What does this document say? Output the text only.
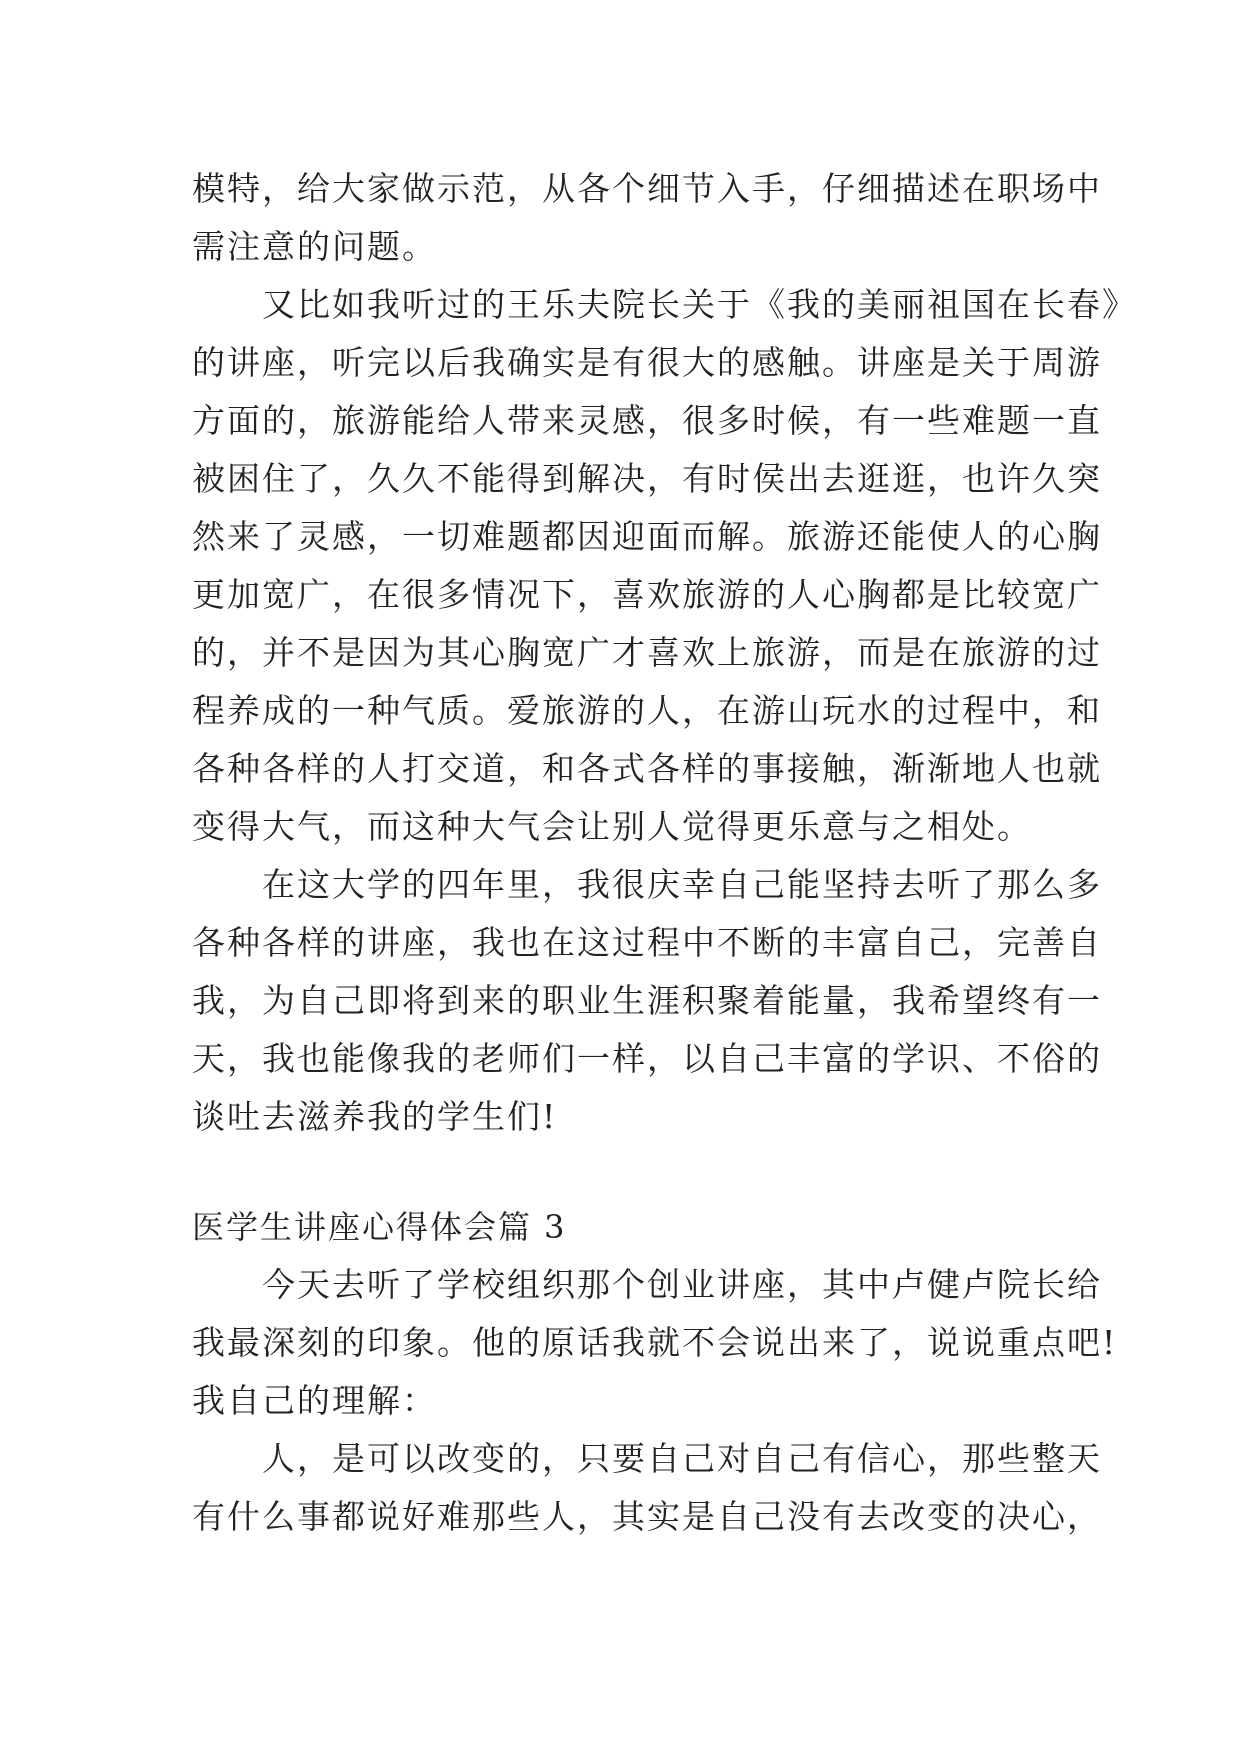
模特，给大家做示范，从各个细节入手，仔细描述在职场中
需注意的问题。
　　又比如我听过的王乐夫院长关于《我的美丽祖国在长春》
的讲座，听完以后我确实是有很大的感触。讲座是关于周游
方面的，旅游能给人带来灵感，很多时候，有一些难题一直
被困住了，久久不能得到解决，有时侯出去逛逛，也许久突
然来了灵感，一切难题都因迎面而解。旅游还能使人的心胸
更加宽广，在很多情况下，喜欢旅游的人心胸都是比较宽广
的，并不是因为其心胸宽广才喜欢上旅游，而是在旅游的过
程养成的一种气质。爱旅游的人，在游山玩水的过程中，和
各种各样的人打交道，和各式各样的事接触，渐渐地人也就
变得大气，而这种大气会让别人觉得更乐意与之相处。
　　在这大学的四年里，我很庆幸自己能坚持去听了那么多
各种各样的讲座，我也在这过程中不断的丰富自己，完善自
我，为自己即将到来的职业生涯积聚着能量，我希望终有一
天，我也能像我的老师们一样，以自己丰富的学识、不俗的
谈吐去滋养我的学生们!
医学生讲座心得体会篇 3
　　今天去听了学校组织那个创业讲座，其中卢健卢院长给
我最深刻的印象。他的原话我就不会说出来了，说说重点吧!
我自己的理解：
　　人，是可以改变的，只要自己对自己有信心，那些整天
有什么事都说好难那些人，其实是自己没有去改变的决心，
